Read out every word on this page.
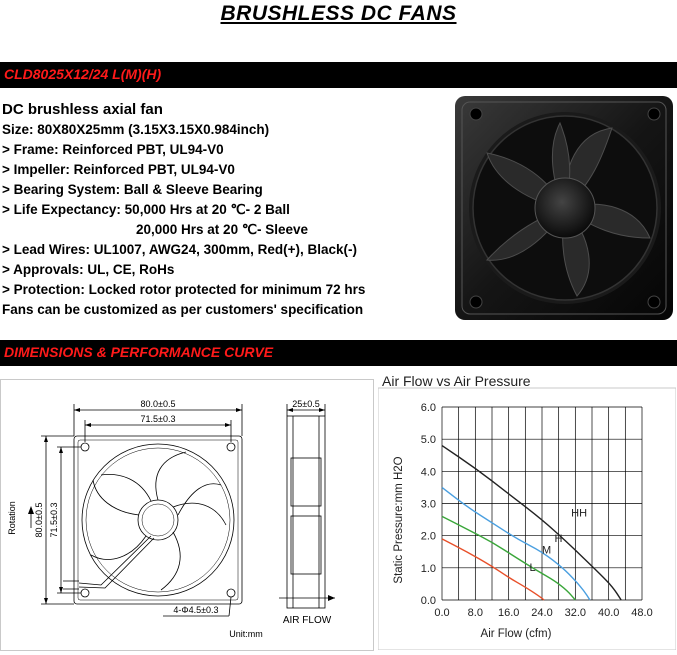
BRUSHLESS DC FANS
CLD8025X12/24 L(M)(H)
DC brushless axial fan
Size: 80X80X25mm (3.15X3.15X0.984inch)
> Frame: Reinforced PBT, UL94-V0
> Impeller: Reinforced PBT, UL94-V0
> Bearing System: Ball & Sleeve Bearing
> Life Expectancy: 50,000 Hrs at 20 ℃- 2 Ball
20,000 Hrs at 20 ℃- Sleeve
> Lead Wires: UL1007, AWG24, 300mm, Red(+), Black(-)
> Approvals: UL, CE, RoHs
> Protection: Locked rotor protected for minimum 72 hrs
Fans can be customized as per customers' specification
DIMENSIONS & PERFORMANCE CURVE
80.0±0.5
71.5±0.3
80.0±0.5 71.5±0.3
25±0.5
Rotation
4-Φ4.5±0.3
AIR FLOW
Unit:mm
Air Flow vs Air Pressure
Air Flow (cfm)
Static Pressure:mm H2O
0.0 8.0 16.0 24.0 32.0 40.0 48.0
0.0
1.0
2.0
3.0
4.0
5.0
6.0
HH
H
M
L
